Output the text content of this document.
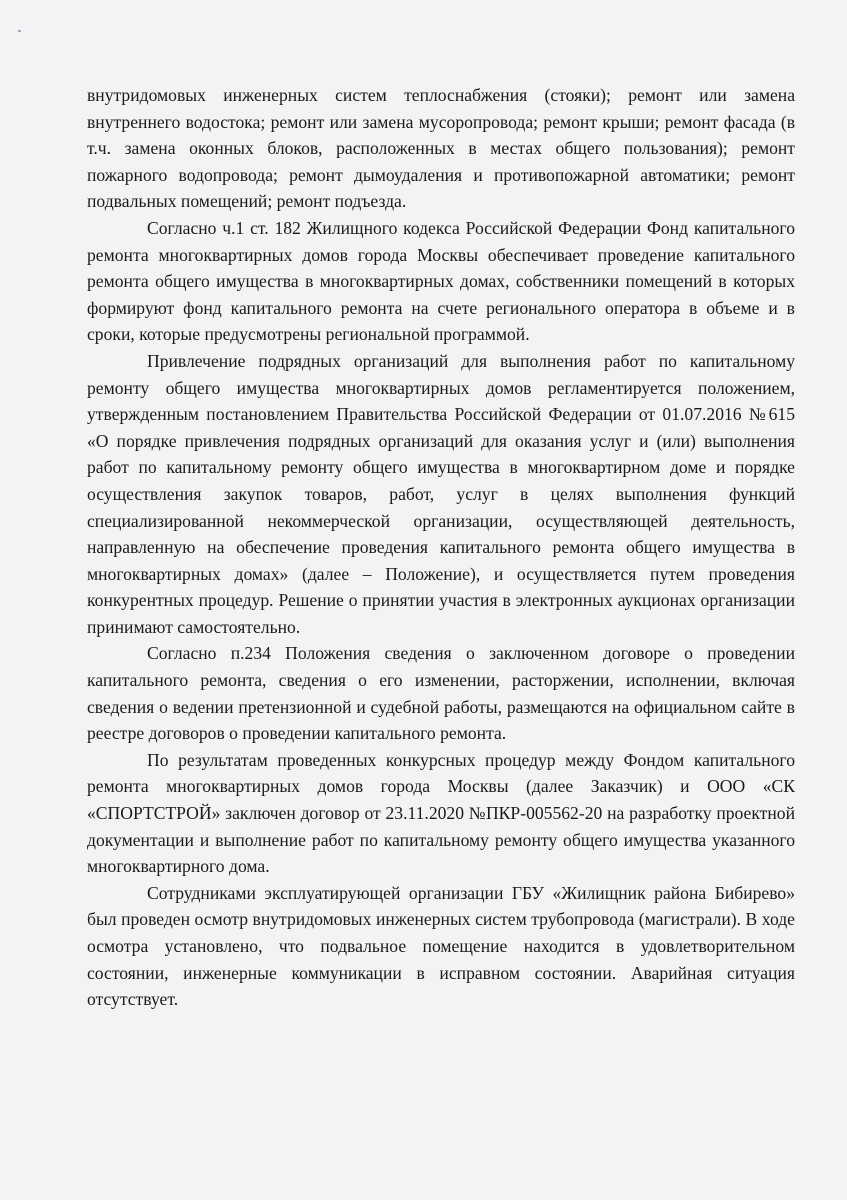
внутридомовых инженерных систем теплоснабжения (стояки); ремонт или замена внутреннего водостока; ремонт или замена мусоропровода; ремонт крыши; ремонт фасада (в т.ч. замена оконных блоков, расположенных в местах общего пользования); ремонт пожарного водопровода; ремонт дымоудаления и противопожарной автоматики; ремонт подвальных помещений; ремонт подъезда.

Согласно ч.1 ст. 182 Жилищного кодекса Российской Федерации Фонд капитального ремонта многоквартирных домов города Москвы обеспечивает проведение капитального ремонта общего имущества в многоквартирных домах, собственники помещений в которых формируют фонд капитального ремонта на счете регионального оператора в объеме и в сроки, которые предусмотрены региональной программой.

Привлечение подрядных организаций для выполнения работ по капитальному ремонту общего имущества многоквартирных домов регламентируется положением, утвержденным постановлением Правительства Российской Федерации от 01.07.2016 №615 «О порядке привлечения подрядных организаций для оказания услуг и (или) выполнения работ по капитальному ремонту общего имущества в многоквартирном доме и порядке осуществления закупок товаров, работ, услуг в целях выполнения функций специализированной некоммерческой организации, осуществляющей деятельность, направленную на обеспечение проведения капитального ремонта общего имущества в многоквартирных домах» (далее – Положение), и осуществляется путем проведения конкурентных процедур. Решение о принятии участия в электронных аукционах организации принимают самостоятельно.

Согласно п.234 Положения сведения о заключенном договоре о проведении капитального ремонта, сведения о его изменении, расторжении, исполнении, включая сведения о ведении претензионной и судебной работы, размещаются на официальном сайте в реестре договоров о проведении капитального ремонта.

По результатам проведенных конкурсных процедур между Фондом капитального ремонта многоквартирных домов города Москвы (далее Заказчик) и ООО «СК «СПОРТСТРОЙ» заключен договор от 23.11.2020 №ПКР-005562-20 на разработку проектной документации и выполнение работ по капитальному ремонту общего имущества указанного многоквартирного дома.

Сотрудниками эксплуатирующей организации ГБУ «Жилищник района Бибирево» был проведен осмотр внутридомовых инженерных систем трубопровода (магистрали). В ходе осмотра установлено, что подвальное помещение находится в удовлетворительном состоянии, инженерные коммуникации в исправном состоянии. Аварийная ситуация отсутствует.
